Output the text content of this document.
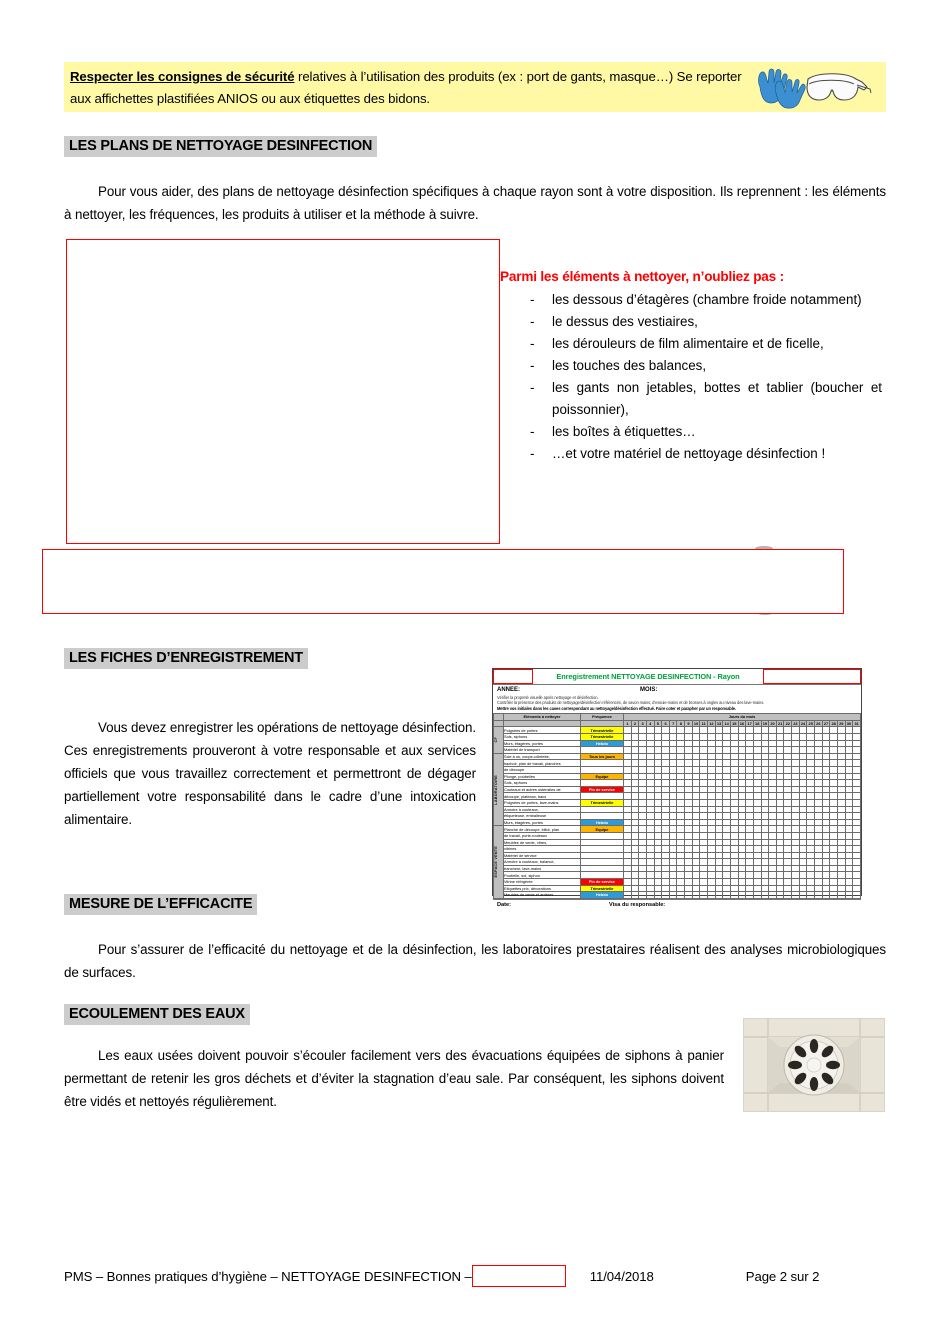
Respecter les consignes de sécurité relatives à l’utilisation des produits (ex : port de gants, masque…) Se reporter aux affichettes plastifiées ANIOS ou aux étiquettes des bidons.
LES PLANS DE NETTOYAGE DESINFECTION
Pour vous aider, des plans de nettoyage désinfection spécifiques à chaque rayon sont à votre disposition. Ils reprennent : les éléments à nettoyer, les fréquences, les produits à utiliser et la méthode à suivre.
Parmi les éléments à nettoyer, n’oubliez pas :
- les dessous d’étagères (chambre froide notamment)
- le dessus des vestiaires,
- les dérouleurs de film alimentaire et de ficelle,
- les touches des balances,
- les gants non jetables, bottes et tablier (boucher et poissonnier),
- les boîtes à étiquettes…
- …et votre matériel de nettoyage désinfection !
LES FICHES D’ENREGISTREMENT
Vous devez enregistrer les opérations de nettoyage désinfection. Ces enregistrements prouveront à votre responsable et aux services officiels que vous travaillez correctement et permettront de dégager partiellement votre responsabilité dans le cadre d’une intoxication alimentaire.
Enregistrement NETTOYAGE DESINFECTION - Rayon
ANNEE:	MOIS:
Vérifier la propreté visuelle après nettoyage et désinfection.
Contrôler la présence des produits de nettoyage/désinfection référencés, de savon mains, d’essuie-mains et de brosses à ongles au niveau des lave-mains.
Mettre vos initiales dans les cases correspondant au nettoyage/désinfection effectué. Faire coter et parapher par un responsable.
	Eléments à nettoyer	Fréquence	Jours du mois																														
			1	2	3	4	5	6	7	8	9	10	11	12	13	14	15	16	17	18	19	20	21	22	23	24	25	26	27	28	29	30	31

CF	Poignées de portes	Trimestrielle																															
	Sols, siphons	Trimestrielle																															
	Murs, étagères, portes	Hebdo																															
	Matériel de transport																																

LABORATOIRE	Scie à os, coupe-côtelette,	Tous les jours																															
	hachoir, plan de travail, planches																																
	de découpe																																
	Plonge, poubelles	Equipe																															
	Sols, siphons																																
	Couteaux et autres ustensiles de	Fin de service																															
	découpe, plateaux, bacs																																
	Poignées de portes, lave-mains	Trimestrielle																															
	Armoire à couteaux,																																
	étiqueteuse, emballeuse																																
	Murs, étagères, portes	Hebdo																															

ESPACE VENTE	Planche de découpe, billot, plan	Equipe																															
	de travail, porte-rouleaux																																
	Meubles de vente, vitres,																																
	vitrines																																
	Matériel de service																																
	Armoire à couteaux, balance,																																
	trancheur, lave-mains																																
	Poubelle, sol, siphon																																
	Vitrine réfrigérée	Fin de service																															
	Etiquettes prix, décorations	Trimestrielle																															
	Meubles de vente et arrières	Hebdo																															
Date:	Visa du responsable:
MESURE DE L’EFFICACITE
Pour s’assurer de l’efficacité du nettoyage et de la désinfection, les laboratoires prestataires réalisent des analyses microbiologiques de surfaces.
ECOULEMENT DES EAUX
Les eaux usées doivent pouvoir s’écouler facilement vers des évacuations équipées de siphons à panier permettant de retenir les gros déchets et d’éviter la stagnation d’eau sale. Par conséquent, les siphons doivent être vidés et nettoyés régulièrement.
PMS – Bonnes pratiques d’hygiène – NETTOYAGE DESINFECTION –	11/04/2018	Page 2 sur 2
